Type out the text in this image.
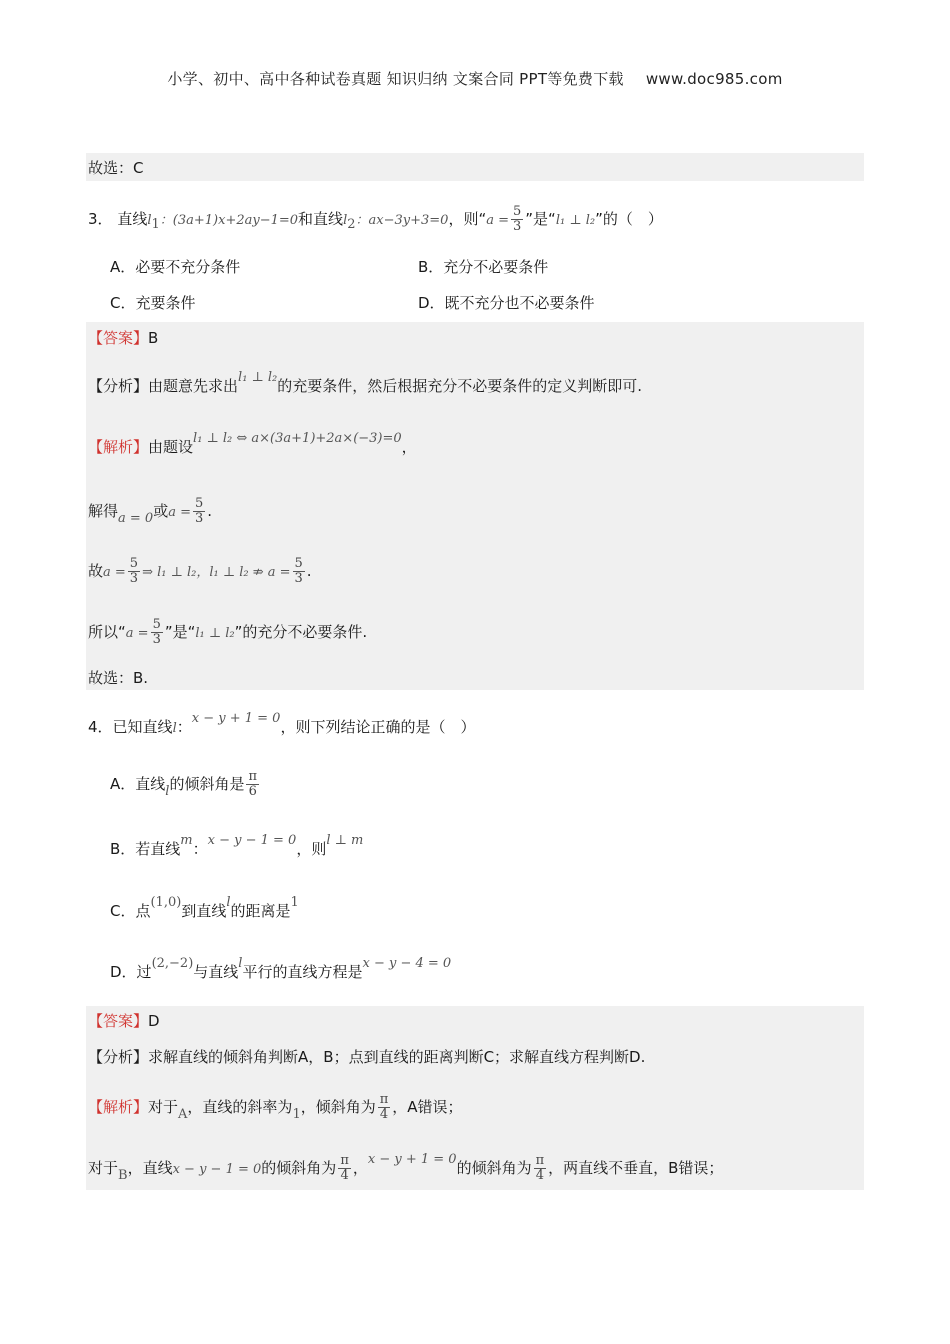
小学、初中、高中各种试卷真题 知识归纳 文案合同 PPT等免费下载 www.doc985.com
故选：C
3． 直线$l_1$：(3a+1)x+2ay−1=0和直线$l_2$：ax−3y+3=0，则“$a = \frac{5}{3}$ ”是“l₁ ⊥ l₂”的（　）
A．必要不充分条件	B．充分不必要条件
C．充要条件	D．既不充分也不必要条件
【答案】B
【分析】由题意先求出l₁ ⊥ l₂的充要条件，然后根据充分不必要条件的定义判断即可.
【解析】由题设l₁ ⊥ l₂ ⇔ a×(3a+1)+2a×(−3)=0，
解得a = 0或$a = \frac{5}{3}$ .
故$a = \frac{5}{3}$ ⇒ l₁ ⊥ l₂，l₁ ⊥ l₂ ⇏ $a = \frac{5}{3}$ .
所以“$a = \frac{5}{3}$ ”是“l₁ ⊥ l₂”的充分不必要条件.
故选：B.
4．已知直线l：x − y + 1 = 0，则下列结论正确的是（　）
A．直线l的倾斜角是 $\frac{\pi}{6}$
B．若直线m：x − y − 1 = 0，则l ⊥ m
C．点(1,0)到直线l的距离是1
D．过(2,−2)与直线l平行的直线方程是x − y − 4 = 0
【答案】D
【分析】求解直线的倾斜角判断A，B；点到直线的距离判断C；求解直线方程判断D.
【解析】对于A，直线的斜率为1，倾斜角为 $\frac{\pi}{4}$ ，A错误；
对于B，直线x − y − 1 = 0的倾斜角为 $\frac{\pi}{4}$ ，x − y + 1 = 0的倾斜角为 $\frac{\pi}{4}$ ，两直线不垂直，B错误；
